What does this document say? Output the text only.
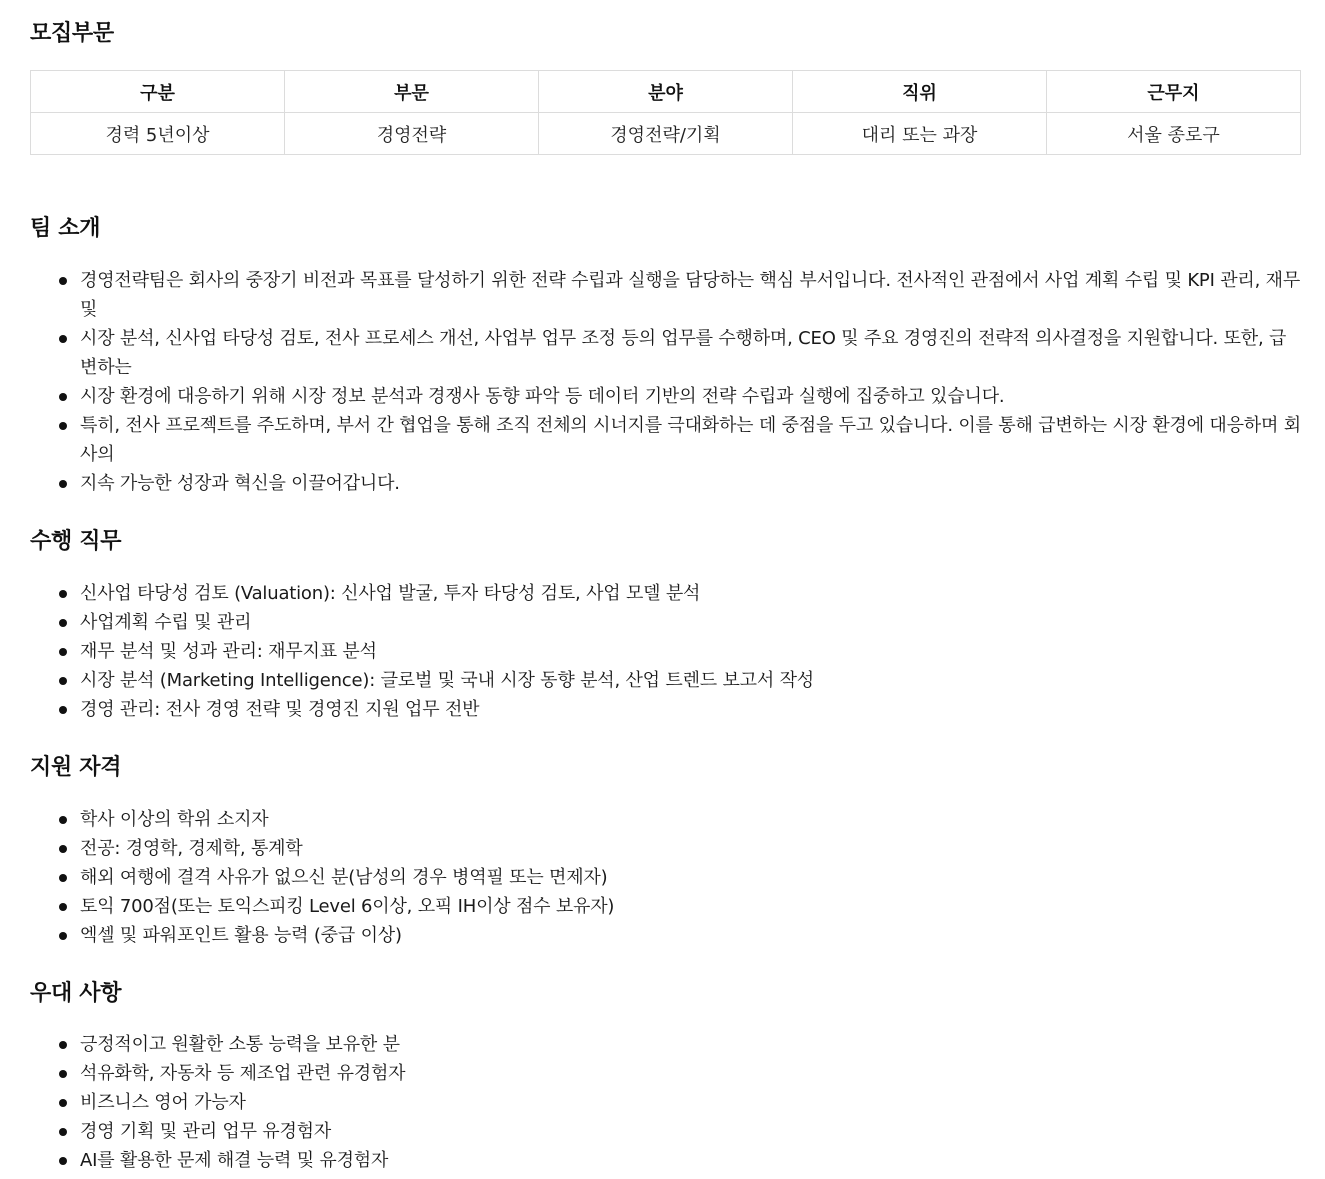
모집부문
구분	부문	분야	직위	근무지
경력 5년이상	경영전략	경영전략/기획	대리 또는 과장	서울 종로구
팀 소개
경영전략팀은 회사의 중장기 비전과 목표를 달성하기 위한 전략 수립과 실행을 담당하는 핵심 부서입니다. 전사적인 관점에서 사업 계획 수립 및 KPI 관리, 재무 및
시장 분석, 신사업 타당성 검토, 전사 프로세스 개선, 사업부 업무 조정 등의 업무를 수행하며, CEO 및 주요 경영진의 전략적 의사결정을 지원합니다. 또한, 급변하는
시장 환경에 대응하기 위해 시장 정보 분석과 경쟁사 동향 파악 등 데이터 기반의 전략 수립과 실행에 집중하고 있습니다.
특히, 전사 프로젝트를 주도하며, 부서 간 협업을 통해 조직 전체의 시너지를 극대화하는 데 중점을 두고 있습니다. 이를 통해 급변하는 시장 환경에 대응하며 회사의
지속 가능한 성장과 혁신을 이끌어갑니다.
수행 직무
신사업 타당성 검토 (Valuation): 신사업 발굴, 투자 타당성 검토, 사업 모델 분석
사업계획 수립 및 관리
재무 분석 및 성과 관리: 재무지표 분석
시장 분석 (Marketing Intelligence): 글로벌 및 국내 시장 동향 분석, 산업 트렌드 보고서 작성
경영 관리: 전사 경영 전략 및 경영진 지원 업무 전반
지원 자격
학사 이상의 학위 소지자
전공: 경영학, 경제학, 통계학
해외 여행에 결격 사유가 없으신 분(남성의 경우 병역필 또는 면제자)
토익 700점(또는 토익스피킹 Level 6이상, 오픽 IH이상 점수 보유자)
엑셀 및 파워포인트 활용 능력 (중급 이상)
우대 사항
긍정적이고 원활한 소통 능력을 보유한 분
석유화학, 자동차 등 제조업 관련 유경험자
비즈니스 영어 가능자
경영 기획 및 관리 업무 유경험자
AI를 활용한 문제 해결 능력 및 유경험자
